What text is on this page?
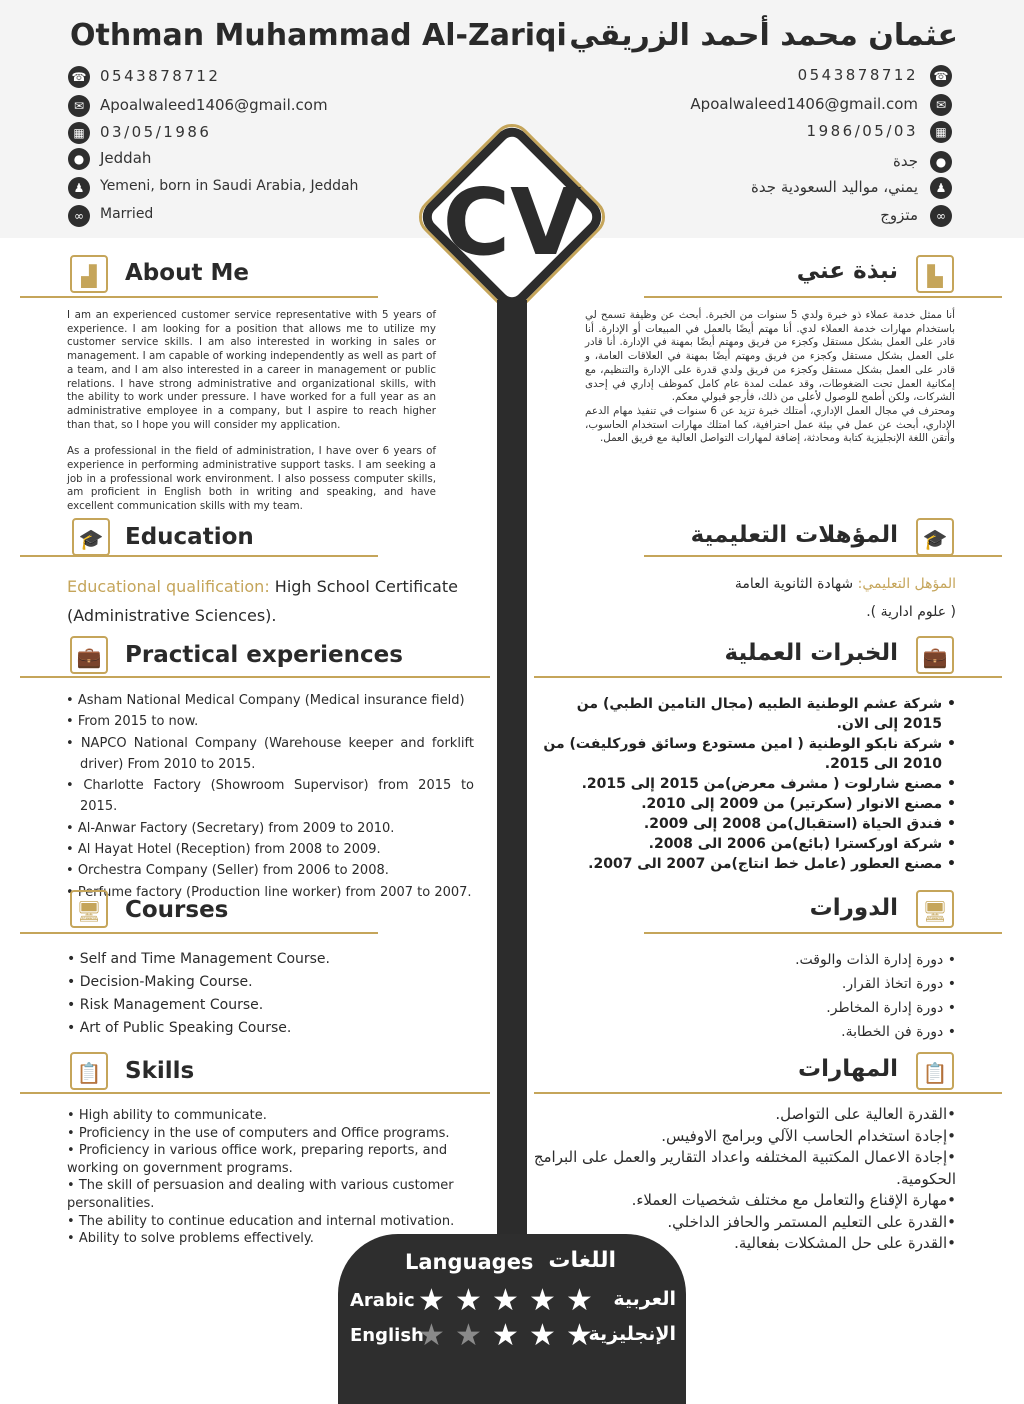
Othman Muhammad Al-Zariqi عثمان محمد أحمد الزريقي
☎ 0543878712
✉	Apoalwaleed1406@gmail.com
▦	03/05/1986
●	Jeddah
♟	Yemeni, born in Saudi Arabia, Jeddah
∞	Married
☎
0543878712
✉
Apoalwaleed1406@gmail.com
▦
1986/05/03
●
جدة
♟
يمني، مواليد السعودية جدة
∞
متزوج
CV
▟	About Me	▙
نبذة عني

I am an experienced customer service representative with 5 years of experience. I am looking for a position that allows me to utilize my customer service skills. I am also interested in working in sales or management. I am capable of working independently as well as part of a team, and I am also interested in a career in management or public relations. I have strong administrative and organizational skills, with the ability to work under pressure. I have worked for a full year as an administrative employee in a company, but I aspire to reach higher than that, so I hope you will consider my application.

As a professional in the field of administration, I have over 6 years of experience in performing administrative support tasks. I am seeking a job in a professional work environment. I also possess computer skills, am proficient in English both in writing and speaking, and have excellent communication skills with my team.

أنا ممثل خدمة عملاء ذو خبرة ولدي 5 سنوات من الخبرة. أبحث عن وظيفة تسمح لي باستخدام مهارات خدمة العملاء لدي. أنا مهتم أيضًا بالعمل في المبيعات أو الإدارة. أنا قادر على العمل بشكل مستقل وكجزء من فريق ومهتم أيضًا بمهنة في الإدارة. أنا قادر على العمل بشكل مستقل وكجزء من فريق ومهتم أيضًا بمهنة في العلاقات العامة، و قادر على العمل بشكل مستقل وكجزء من فريق ولدي قدرة على الإدارة والتنظيم، مع إمكانية العمل تحت الضغوطات، وقد عملت لمدة عام كامل كموظف إداري في إحدى الشركات، ولكن أطمح للوصول لأعلى من ذلك، فأرجو قبولي معكم.

ومحترف في مجال العمل الإداري، أمتلك خبرة تزيد عن 6 سنوات في تنفيذ مهام الدعم الإداري، أبحث عن عمل في بيئة عمل احترافية، كما امتلك مهارات استخدام الحاسوب، وأتقن اللغة الإنجليزية كتابة ومحادثة، إضافة لمهارات التواصل العالية مع فريق العمل.

🎓 Education	🎓
المؤهلات التعليمية
Educational qualification: High School Certificate (Administrative Sciences).
المؤهل التعليمي: شهادة الثانوية العامة
( علوم ادارية ).
💼 Practical experiences	💼
الخبرات العملية
• Asham National Medical Company (Medical insurance field)
• From 2015 to now.
• NAPCO National Company (Warehouse keeper and forklift driver) From 2010 to 2015.
• Charlotte Factory (Showroom Supervisor) from 2015 to 2015.
• Al-Anwar Factory (Secretary) from 2009 to 2010.
• Al Hayat Hotel (Reception) from 2008 to 2009.
• Orchestra Company (Seller) from 2006 to 2008.
• Perfume factory (Production line worker) from 2007 to 2007.
• شركة عشم الوطنية الطبيه (مجال التامين الطبي) من 2015 إلى الان.
• شركة نابكو الوطنية ( امين مستودع وسائق فوركليفت) من 2010 الى 2015.
• مصنع شارلوت ( مشرف معرض)من 2015 إلى 2015.
• مصنع الانوار (سكرتير) من 2009 إلى 2010.
• فندق الحياة (استقبال)من 2008 إلى 2009.
• شركة اوركسترا (بائع)من 2006 الى 2008.
• مصنع العطور (عامل خط انتاج)من 2007 الى 2007.
🖥 Courses	🖥
الدورات
• Self and Time Management Course.
• Decision-Making Course.
• Risk Management Course.
• Art of Public Speaking Course.
• دورة إدارة الذات والوقت.
• دورة اتخاذ القرار.
• دورة إدارة المخاطر.
• دورة فن الخطابة.
📋 Skills	📋
المهارات
• High ability to communicate.
• Proficiency in the use of computers and Office programs.
• Proficiency in various office work, preparing reports, and working on government programs.
• The skill of persuasion and dealing with various customer personalities.
• The ability to continue education and internal motivation.
• Ability to solve problems effectively.
•القدرة العالية على التواصل.
•إجادة استخدام الحاسب الآلي وبرامج الاوفيس.
•إجادة الاعمال المكتبية المختلفه واعداد التقارير والعمل على البرامج الحكومية.
•مهارة الإقناع والتعامل مع مختلف شخصيات العملاء.
•القدرة على التعليم المستمر والحافز الداخلي.
•القدرة على حل المشكلات بفعالية.
Languages اللغات
Arabic	العربية
★ ★ ★ ★ ★
English	الإنجليزية
★ ★ ★ ★ ★
